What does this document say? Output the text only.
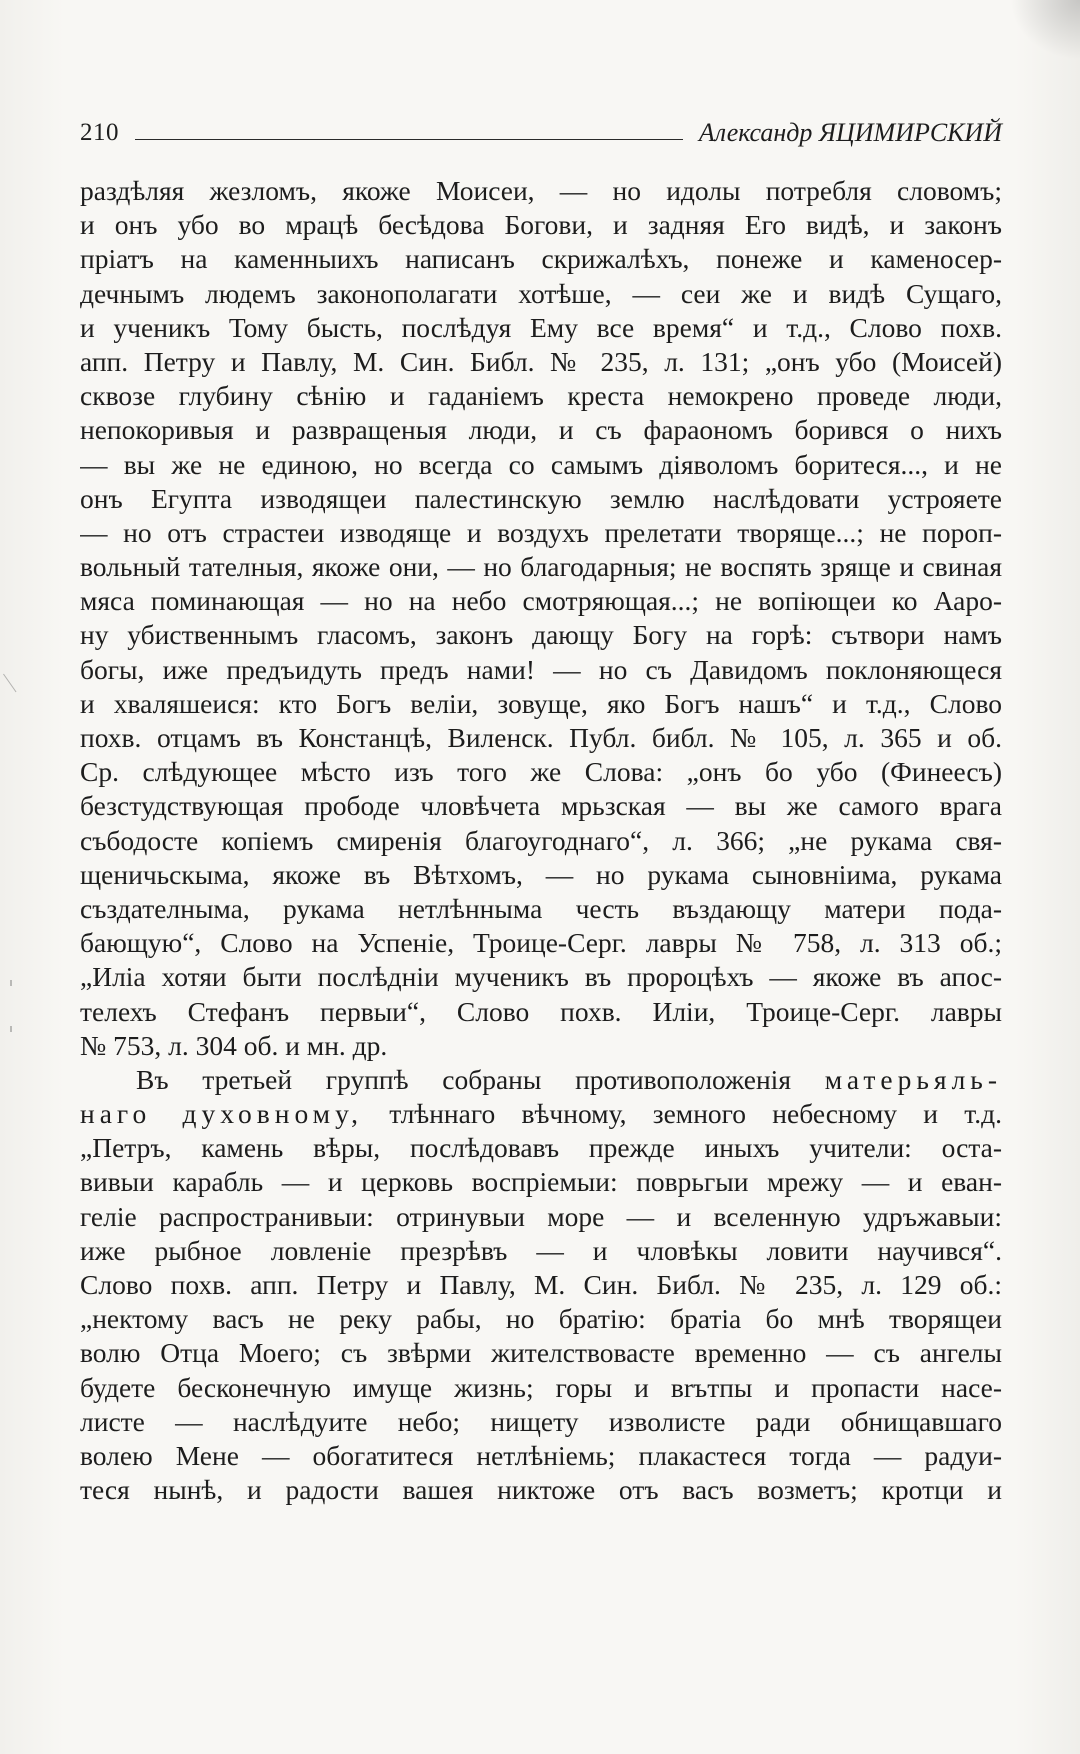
210	Александр ЯЦИМИРСКИЙ
раздѣляя жезломъ, якоже Моисеи, — но идолы потребля словомъ;
и онъ убо во мрацѣ бесѣдова Богови, и задняя Его видѣ, и законъ
пріатъ на каменныихъ написанъ скрижалѣхъ, понеже и каменосер-
дечнымъ людемъ законополагати хотѣше, — сеи же и видѣ Сущаго,
и ученикъ Тому бысть, послѣдуя Ему все время“ и т.д., Слово похв.
апп. Петру и Павлу, М. Син. Библ. № 235, л. 131; „онъ убо (Моисей)
сквозе глубину сѣнію и гаданіемъ креста немокрено проведе люди,
непокоривыя и развращеныя люди, и съ фараономъ борився о нихъ
— вы же не единою, но всегда со самымъ діяволомъ боритеся..., и не
онъ Егупта изводящеи палестинскую землю наслѣдовати устрояете
— но отъ страстеи изводяще и воздухъ прелетати творяще...; не пороп-
вольный тателныя, якоже они, — но благодарныя; не воспять зряще и свиная
мяса поминающая — но на небо смотряющая...; не вопіющеи ко Ааро-
ну убиственнымъ гласомъ, законъ дающу Богу на горѣ: сътвори намъ
богы, иже предъидуть предъ нами! — но съ Давидомъ поклоняющеся
и хваляшеися: кто Богъ веліи, зовуще, яко Богъ нашъ“ и т.д., Слово
похв. отцамъ въ Констанцѣ, Виленск. Публ. библ. № 105, л. 365 и об.
Ср. слѣдующее мѣсто изъ того же Слова: „онъ бо убо (Финеесъ)
безстудствующая прободе чловѣчета мрьзская — вы же самого врага
събодосте копіемъ смиренія благоугоднаго“, л. 366; „не рукама свя-
щеничьскыма, якоже въ Вѣтхомъ, — но рукама сыновніима, рукама
създателныма, рукама нетлѣнныма честь въздающу матери пода-
бающую“, Слово на Успеніе, Троице-Серг. лавры № 758, л. 313 об.;
„Иліа хотяи быти послѣдніи мученикъ въ пророцѣхъ — якоже въ апос-
телехъ Стефанъ первыи“, Слово похв. Иліи, Троице-Серг. лавры
№ 753, л. 304 об. и мн. др.
Въ третьей группѣ собраны противоположенія матерьяль-
наго духовному, тлѣннаго вѣчному, земного небесному и т.д.
„Петръ, камень вѣры, послѣдовавъ прежде иныхъ учители: оста-
вивыи карабль — и церковь воспріемыи: поврьгыи мрежу — и еван-
геліе распространивыи: отринувыи море — и вселенную удръжавыи:
иже рыбное ловленіе презрѣвъ — и чловѣкы ловити научився“.
Слово похв. апп. Петру и Павлу, М. Син. Библ. № 235, л. 129 об.:
„нектому васъ не реку рабы, но братію: братіа бо мнѣ творящеи
волю Отца Моего; съ звѣрми жителствовасте временно — съ ангелы
будете бесконечную имуще жизнь; горы и вrътпы и пропасти насе-
листе — наслѣдуите небо; нищету изволисте ради обнищавшаго
волею Мене — обогатитеся нетлѣніемь; плакастеся тогда — радуи-
теся нынѣ, и радости вашея никтоже отъ васъ возметъ; кротци и
